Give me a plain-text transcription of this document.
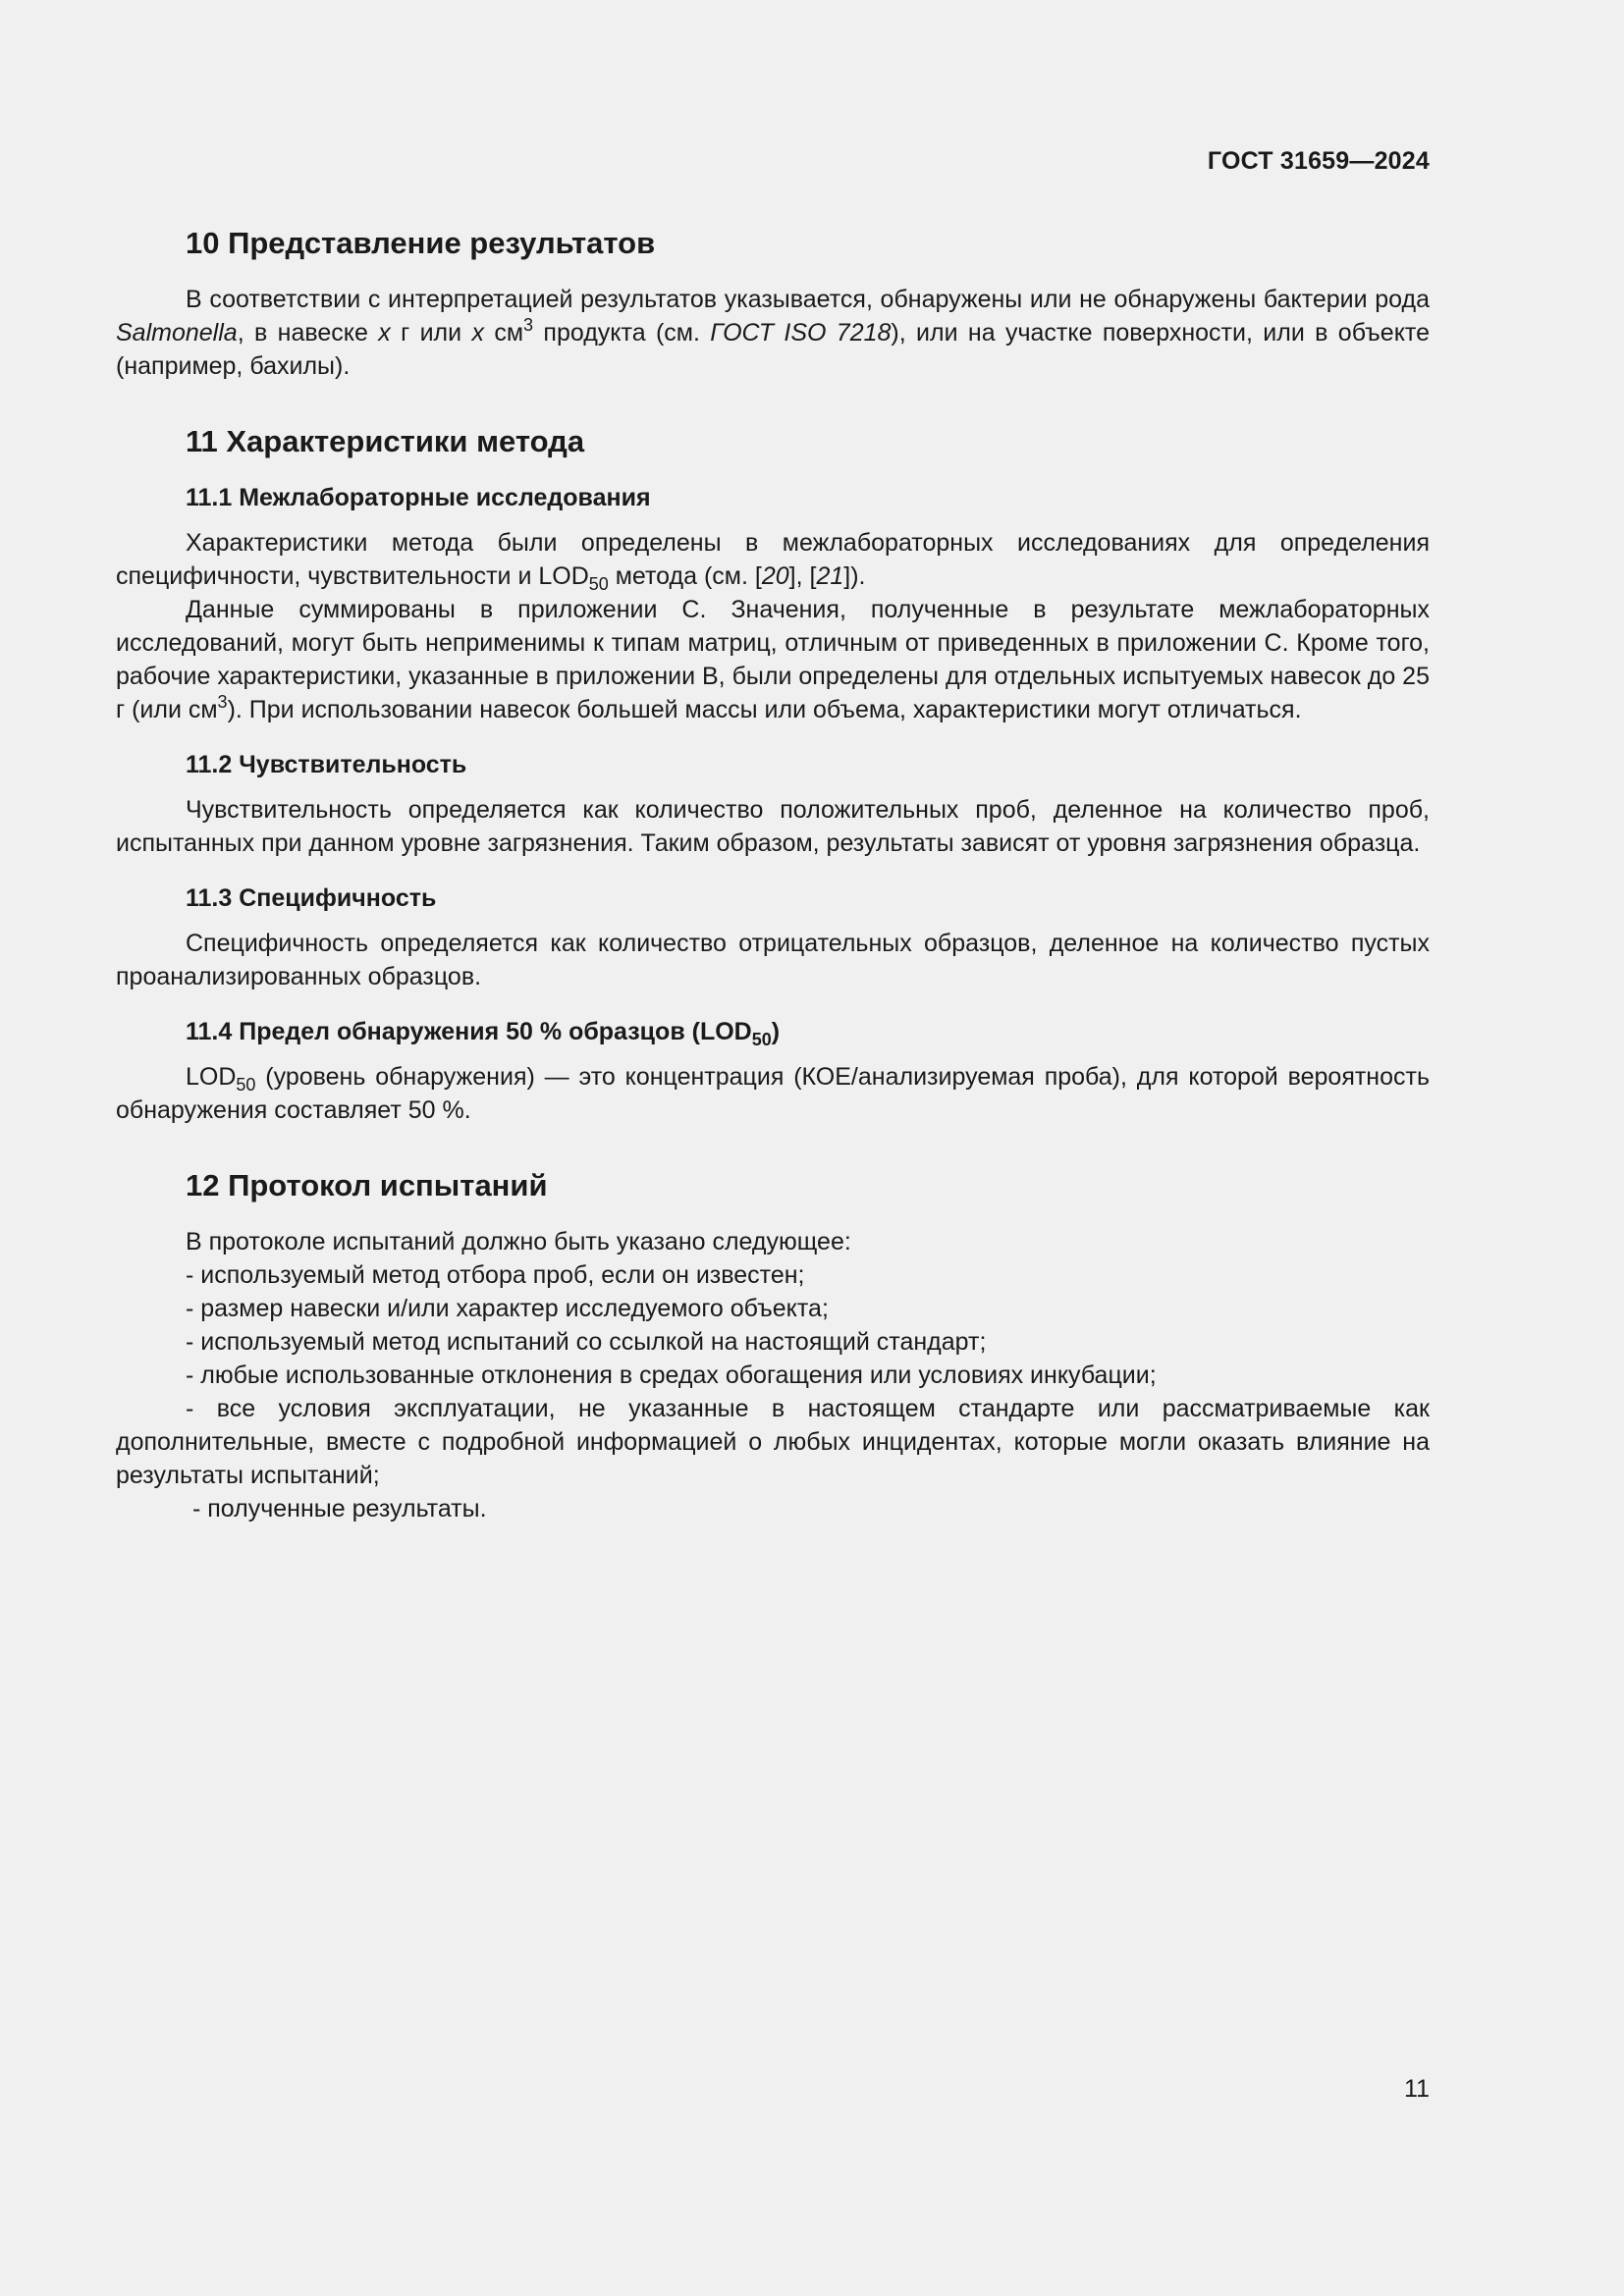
ГОСТ 31659—2024
10 Представление результатов

В соответствии с интерпретацией результатов указывается, обнаружены или не обнаружены бактерии рода Salmonella, в навеске x г или x $см^3$ продукта (см. ГОСТ ISO 7218), или на участке поверхности, или в объекте (например, бахилы).

11 Характеристики метода
11.1 Межлабораторные исследования

Характеристики метода были определены в межлабораторных исследованиях для определения специфичности, чувствительности и $LOD_{50}$ метода (см. [20], [21]).

Данные суммированы в приложении С. Значения, полученные в результате межлабораторных исследований, могут быть неприменимы к типам матриц, отличным от приведенных в приложении С. Кроме того, рабочие характеристики, указанные в приложении В, были определены для отдельных испытуемых навесок до 25 г (или $см^3$). При использовании навесок большей массы или объема, характеристики могут отличаться.

11.2 Чувствительность

Чувствительность определяется как количество положительных проб, деленное на количество проб, испытанных при данном уровне загрязнения. Таким образом, результаты зависят от уровня загрязнения образца.

11.3 Специфичность

Специфичность определяется как количество отрицательных образцов, деленное на количество пустых проанализированных образцов.

11.4 Предел обнаружения 50 % образцов $(LOD_{50})$

$LOD_{50}$ (уровень обнаружения) — это концентрация (КОЕ/анализируемая проба), для которой вероятность обнаружения составляет 50 %.

12 Протокол испытаний

В протоколе испытаний должно быть указано следующее:

- используемый метод отбора проб, если он известен;

- размер навески и/или характер исследуемого объекта;

- используемый метод испытаний со ссылкой на настоящий стандарт;

- любые использованные отклонения в средах обогащения или условиях инкубации;

- все условия эксплуатации, не указанные в настоящем стандарте или рассматриваемые как дополнительные, вместе с подробной информацией о любых инцидентах, которые могли оказать влияние на результаты испытаний;

- полученные результаты.

11
